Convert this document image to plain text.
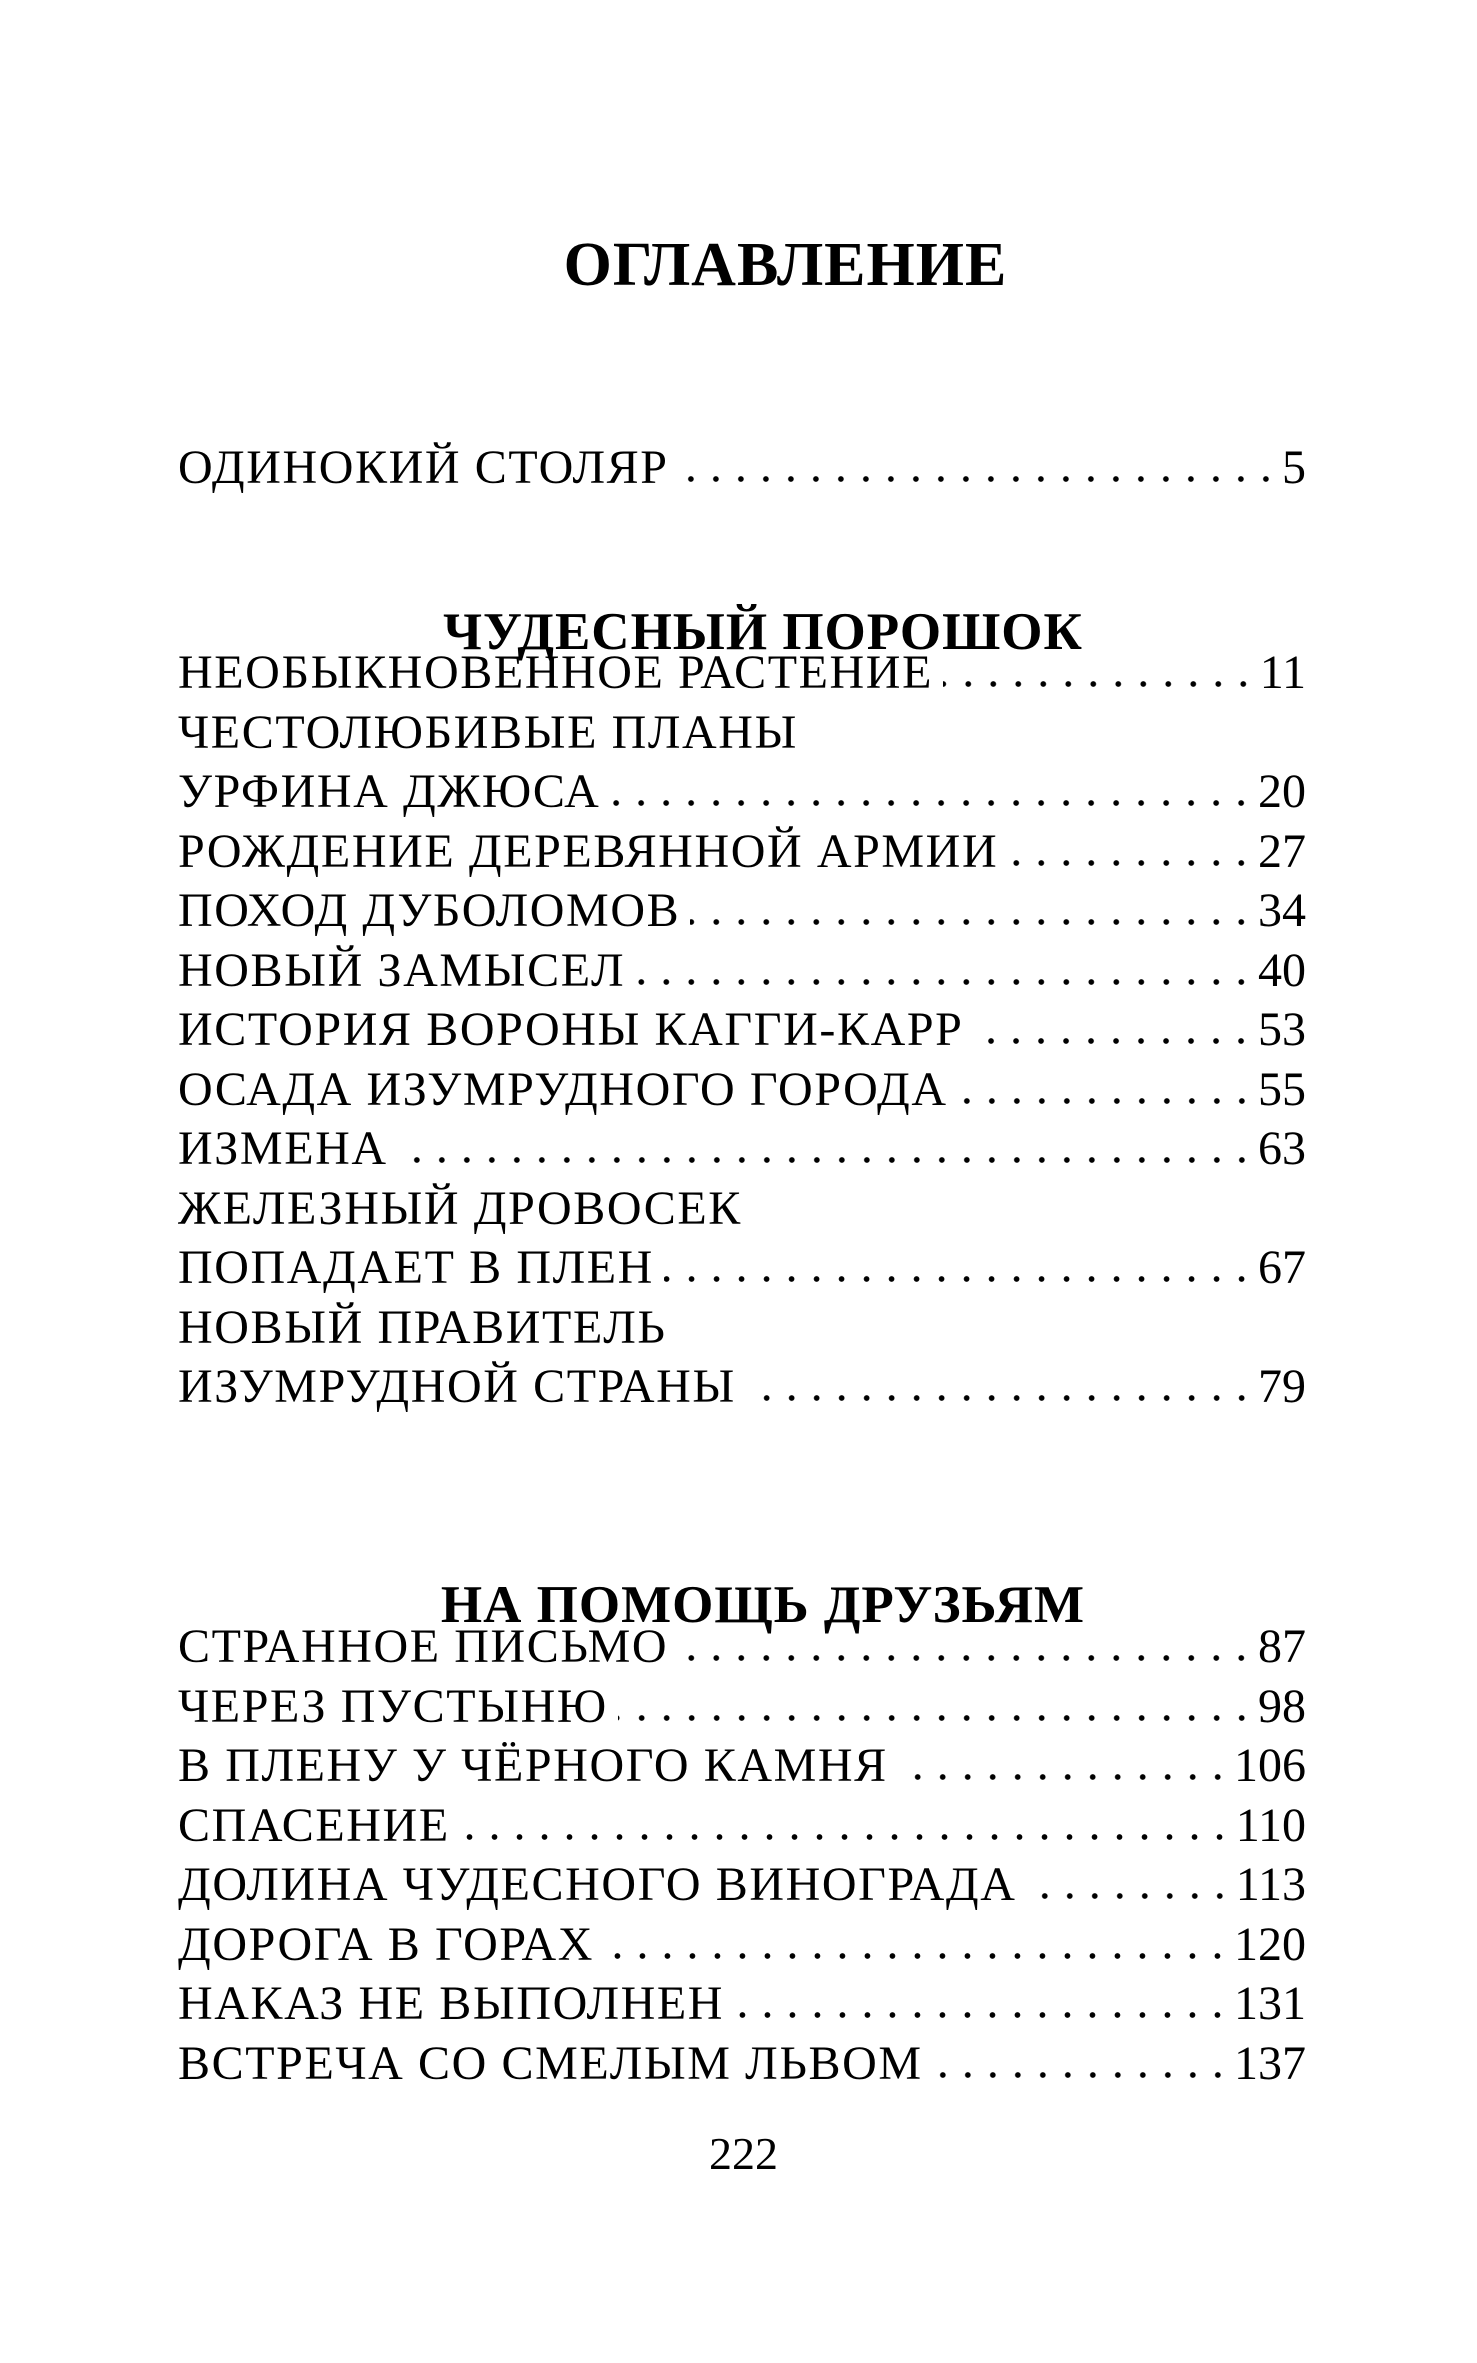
ОГЛАВЛЕНИЕ
ОДИНОКИЙ СТОЛЯР	5
ЧУДЕСНЫЙ ПОРОШОК
НЕОБЫКНОВЕННОЕ РАСТЕНИЕ	11
ЧЕСТОЛЮБИВЫЕ ПЛАНЫ
УРФИНА ДЖЮСА	20
РОЖДЕНИЕ ДЕРЕВЯННОЙ АРМИИ	27
ПОХОД ДУБОЛОМОВ	34
НОВЫЙ ЗАМЫСЕЛ	40
ИСТОРИЯ ВОРОНЫ КАГГИ-КАРР	53
ОСАДА ИЗУМРУДНОГО ГОРОДА	55
ИЗМЕНА	63
ЖЕЛЕЗНЫЙ ДРОВОСЕК
ПОПАДАЕТ В ПЛЕН	67
НОВЫЙ ПРАВИТЕЛЬ
ИЗУМРУДНОЙ СТРАНЫ	79
НА ПОМОЩЬ ДРУЗЬЯМ
СТРАННОЕ ПИСЬМО	87
ЧЕРЕЗ ПУСТЫНЮ	98
В ПЛЕНУ У ЧЁРНОГО КАМНЯ	106
СПАСЕНИЕ	110
ДОЛИНА ЧУДЕСНОГО ВИНОГРАДА	113
ДОРОГА В ГОРАХ	120
НАКАЗ НЕ ВЫПОЛНЕН	131
ВСТРЕЧА СО СМЕЛЫМ ЛЬВОМ	137
222
